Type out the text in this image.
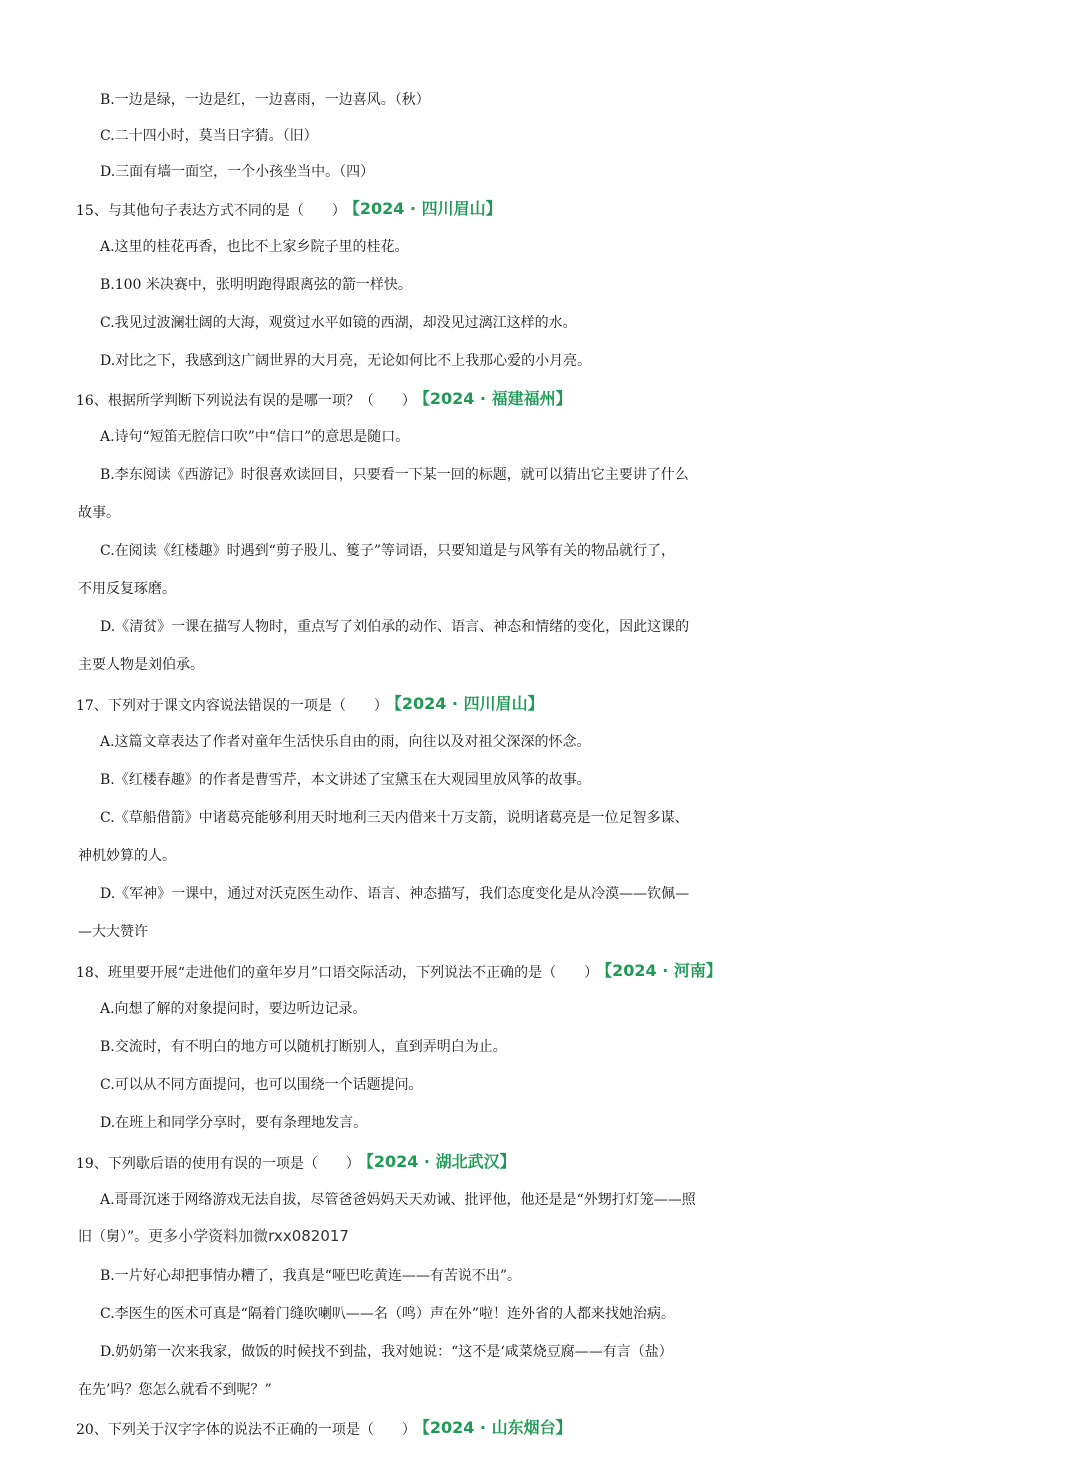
B.一边是绿，一边是红，一边喜雨，一边喜风。（秋）
C.二十四小时，莫当日字猜。（旧）
D.三面有墙一面空，一个小孩坐当中。（四）
15、与其他句子表达方式不同的是（　　） 【2024 · 四川眉山】
A.这里的桂花再香，也比不上家乡院子里的桂花。
B.100 米决赛中，张明明跑得跟离弦的箭一样快。
C.我见过波澜壮阔的大海，观赏过水平如镜的西湖，却没见过漓江这样的水。
D.对比之下，我感到这广阔世界的大月亮，无论如何比不上我那心爱的小月亮。
16、根据所学判断下列说法有误的是哪一项？（　　） 【2024 · 福建福州】
A.诗句“短笛无腔信口吹”中“信口”的意思是随口。
B.李东阅读《西游记》时很喜欢读回目，只要看一下某一回的标题，就可以猜出它主要讲了什么
故事。
C.在阅读《红楼趣》时遇到“剪子股儿、篗子”等词语，只要知道是与风筝有关的物品就行了，
不用反复琢磨。
D.《清贫》一课在描写人物时，重点写了刘伯承的动作、语言、神态和情绪的变化，因此这课的
主要人物是刘伯承。
17、下列对于课文内容说法错误的一项是（　　） 【2024 · 四川眉山】
A.这篇文章表达了作者对童年生活快乐自由的雨，向往以及对祖父深深的怀念。
B.《红楼春趣》的作者是曹雪芹，本文讲述了宝黛玉在大观园里放风筝的故事。
C.《草船借箭》中诸葛亮能够利用天时地利三天内借来十万支箭，说明诸葛亮是一位足智多谋、
神机妙算的人。
D.《军神》一课中，通过对沃克医生动作、语言、神态描写，我们态度变化是从冷漠——钦佩—
—大大赞许
18、班里要开展“走进他们的童年岁月”口语交际活动，下列说法不正确的是（　　） 【2024 · 河南】
A.向想了解的对象提问时，要边听边记录。
B.交流时，有不明白的地方可以随机打断别人，直到弄明白为止。
C.可以从不同方面提问，也可以围绕一个话题提问。
D.在班上和同学分享时，要有条理地发言。
19、下列歇后语的使用有误的一项是（　　） 【2024 · 湖北武汉】
A.哥哥沉迷于网络游戏无法自拔，尽管爸爸妈妈天天劝诫、批评他，他还是是“外甥打灯笼——照
旧（舅）”。更多小学资料加微rxx082017
B.一片好心却把事情办糟了，我真是“哑巴吃黄连——有苦说不出”。
C.李医生的医术可真是“隔着门缝吹喇叭——名（鸣）声在外”啦！连外省的人都来找她治病。
D.奶奶第一次来我家，做饭的时候找不到盐，我对她说：“这不是‘咸菜烧豆腐——有言（盐）
在先’吗？您怎么就看不到呢？”
20、下列关于汉字字体的说法不正确的一项是（　　） 【2024 · 山东烟台】
